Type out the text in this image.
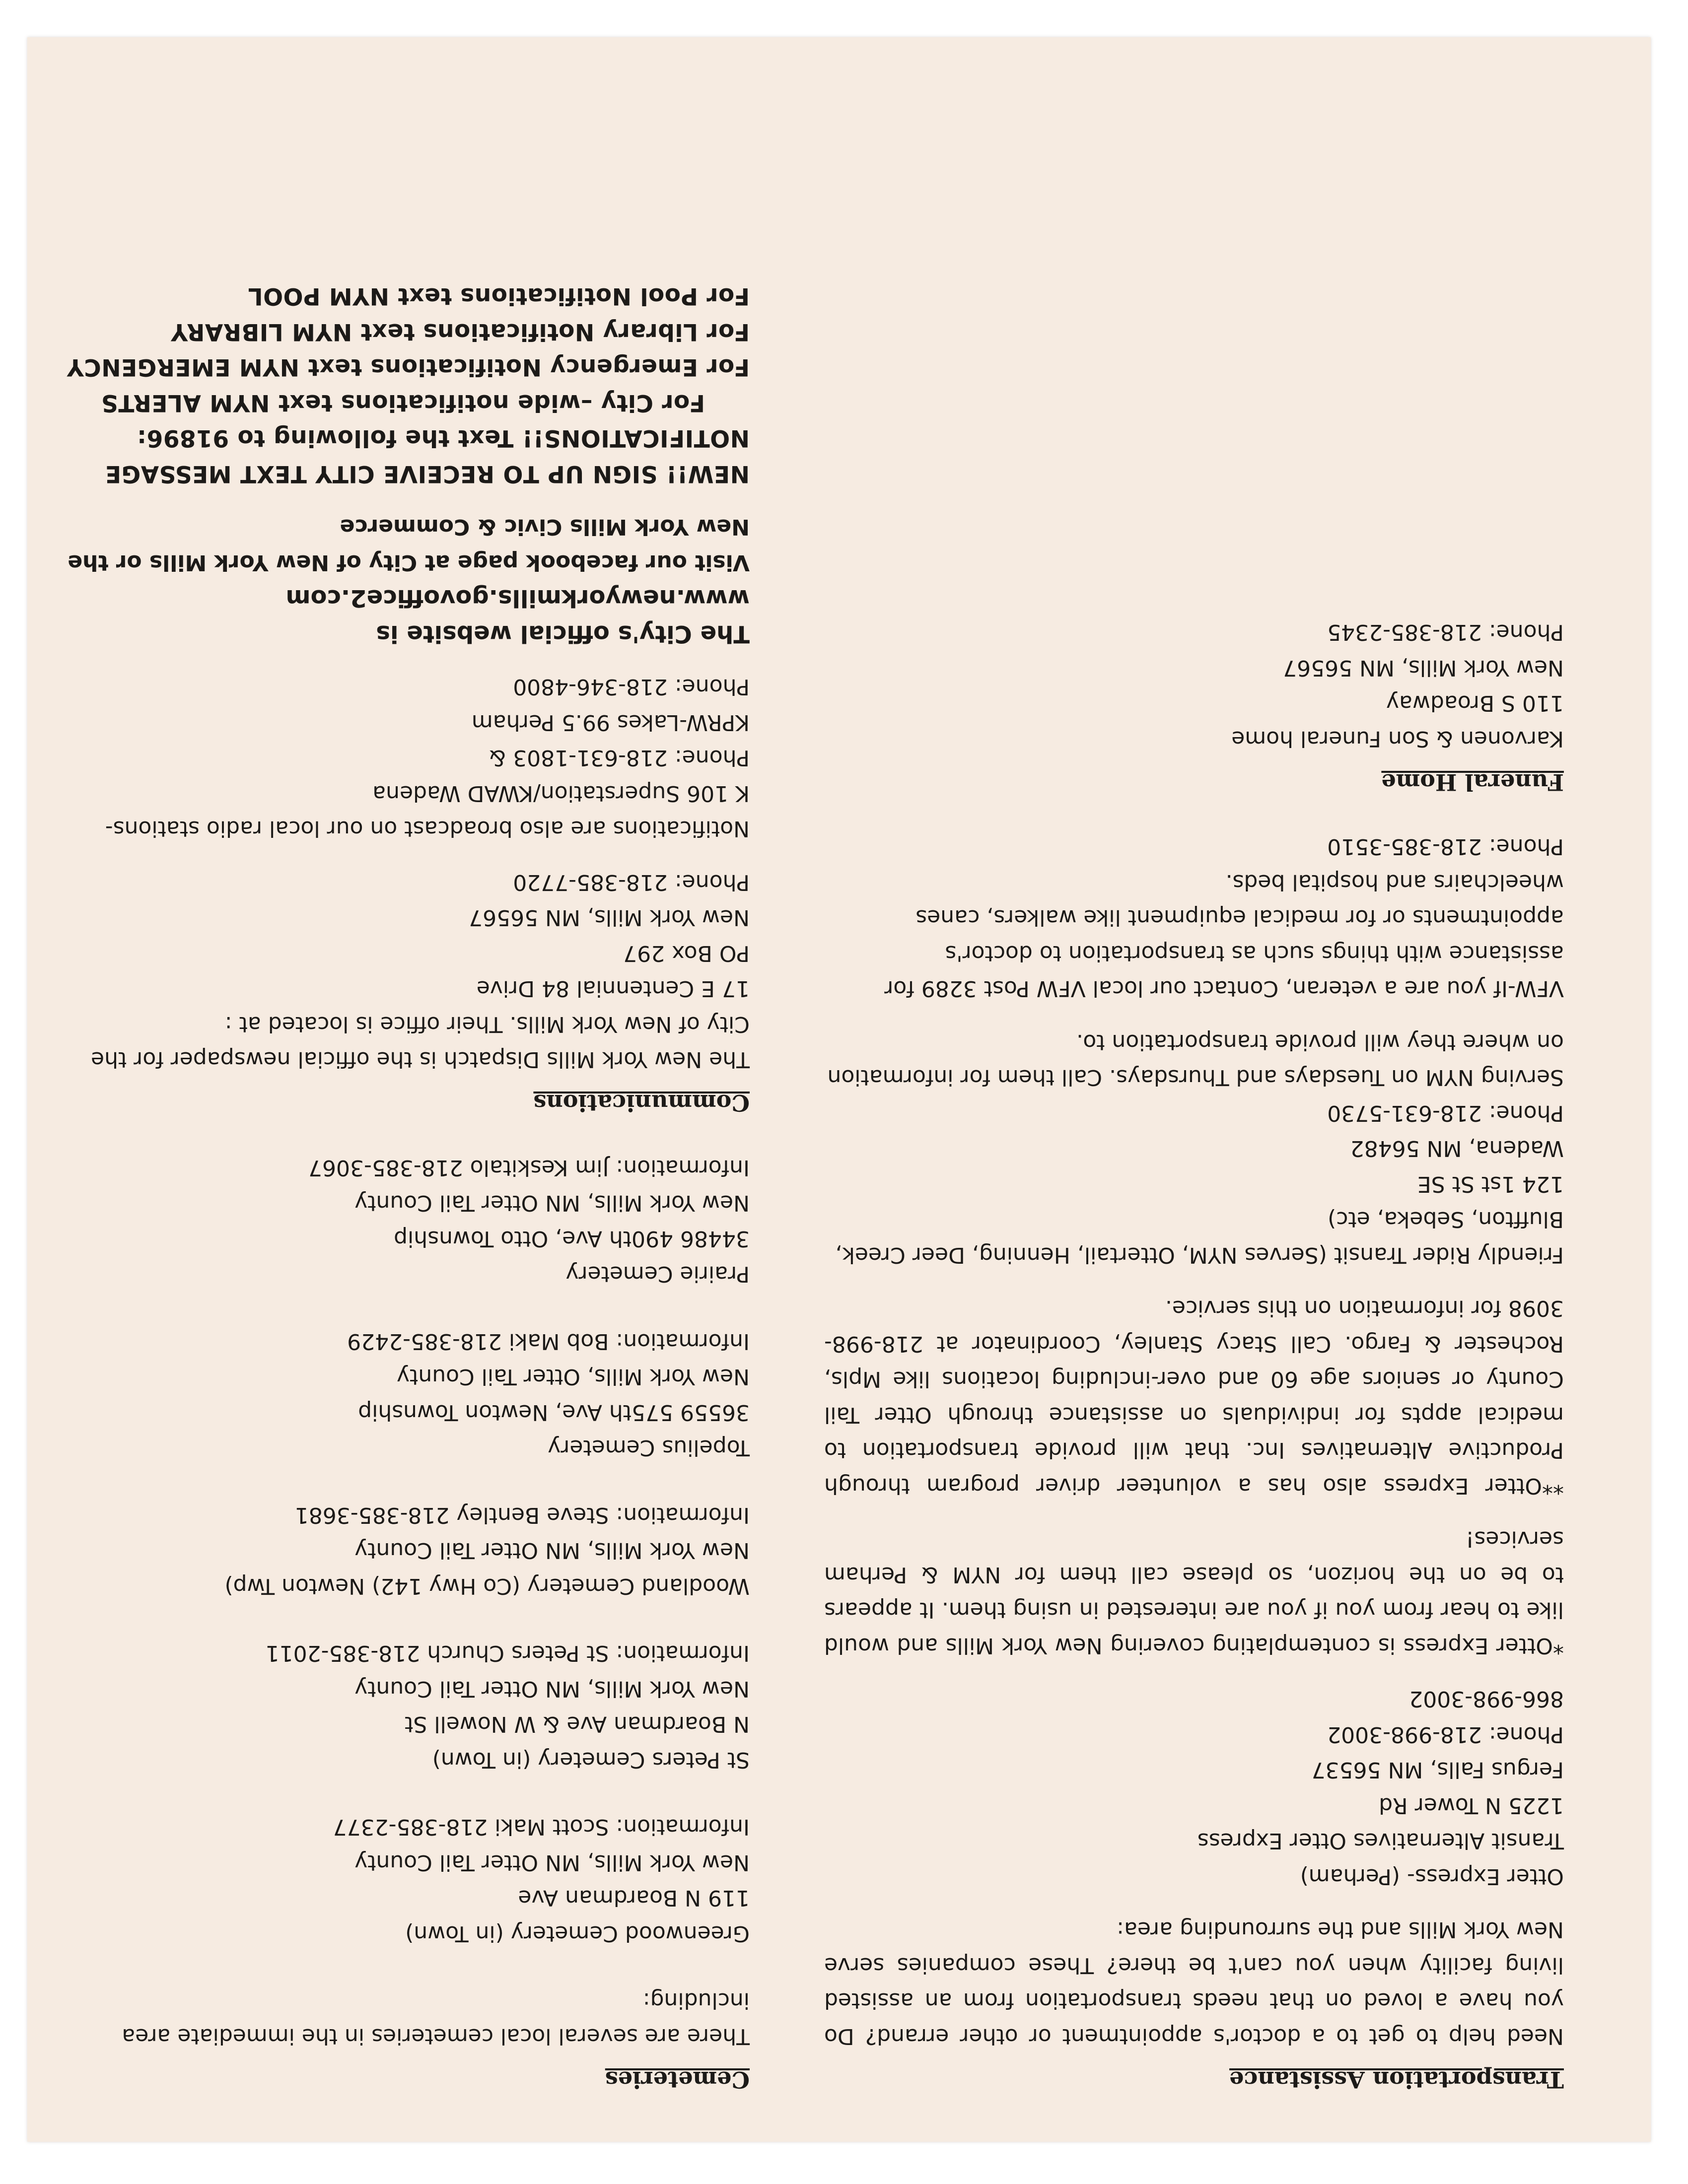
Transportation Assistance

Need help to get to a doctor's appointment or other errand? Do you have a loved on that needs transportation from an assisted living facility when you can't be there? These companies serve New York Mills and the surrounding area:

Otter Express- (Perham)
Transit Alternatives Otter Express
1225 N Tower Rd
Fergus Falls, MN 56537
Phone: 218-998-3002
866-998-3002

*Otter Express is contemplating covering New York Mills and would like to hear from you if you are interested in using them. It appears to be on the horizon, so please call them for NYM & Perham services!

**Otter Express also has a volunteer driver program through Productive Alternatives Inc. that will provide transportation to medical appts for individuals on assistance through Otter Tail County or seniors age 60 and over-including locations like Mpls, Rochester & Fargo. Call Stacy Stanley, Coordinator at 218-998-3098 for information on this service.

Friendly Rider Transit (Serves NYM, Ottertail, Henning, Deer Creek, Bluffton, Sebeka, etc)
124 1st St SE
Wadena, MN 56482
Phone: 218-631-5730

Serving NYM on Tuesdays and Thursdays. Call them for information on where they will provide transportation to.

VFW-If you are a veteran, Contact our local VFW Post 3289 for assistance with things such as transportation to doctor's appointments or for medical equipment like walkers, canes wheelchairs and hospital beds.
Phone: 218-385-3510

Funeral Home

Karvonen & Son Funeral home
110 S Broadway
New York Mills, MN 56567
Phone: 218-385-2345

Cemeteries

There are several local cemeteries in the immediate area including:

Greenwood Cemetery (in Town)
119 N Boardman Ave
New York Mills, MN Otter Tail County
Information: Scott Maki 218-385-2377

St Peters Cemetery (in Town)
N Boardman Ave & W Nowell St
New York Mills, MN Otter Tail County
Information: St Peters Church 218-385-2011

Woodland Cemetery (Co Hwy 142) Newton Twp)
New York Mills, MN Otter Tail County
Information: Steve Bentley 218-385-3681

Topelius Cemetery
36559 575th Ave, Newton Township
New York Mills, Otter Tail County
Information: Bob Maki 218-385-2429

Prairie Cemetery
34486 490th Ave, Otto Township
New York Mills, MN Otter Tail County
Information: Jim Keskitalo 218-385-3067

Communications

The New York Mills Dispatch is the official newspaper for the City of New York Mills. Their office is located at :
17 E Centennial 84 Drive
PO Box 297
New York Mills, MN 56567
Phone: 218-385-7720

Notifications are also broadcast on our local radio stations-
K 106 Superstation/KWAD Wadena
Phone: 218-631-1803 &
KPRW-Lakes 99.5 Perham
Phone: 218-346-4800

The City's official website is
www.newyorkmills.govoffice2.com

Visit our facebook page at City of New York Mills or the New York Mills Civic & Commerce

NEW!! SIGN UP TO RECEIVE CITY TEXT MESSAGE
NOTIFICATIONS!! Text the following to 91896:
For City –wide notifications text NYM ALERTS
For Emergency Notifications text NYM EMERGENCY
For Library Notifications text NYM LIBRARY
For Pool Notifications text NYM POOL
